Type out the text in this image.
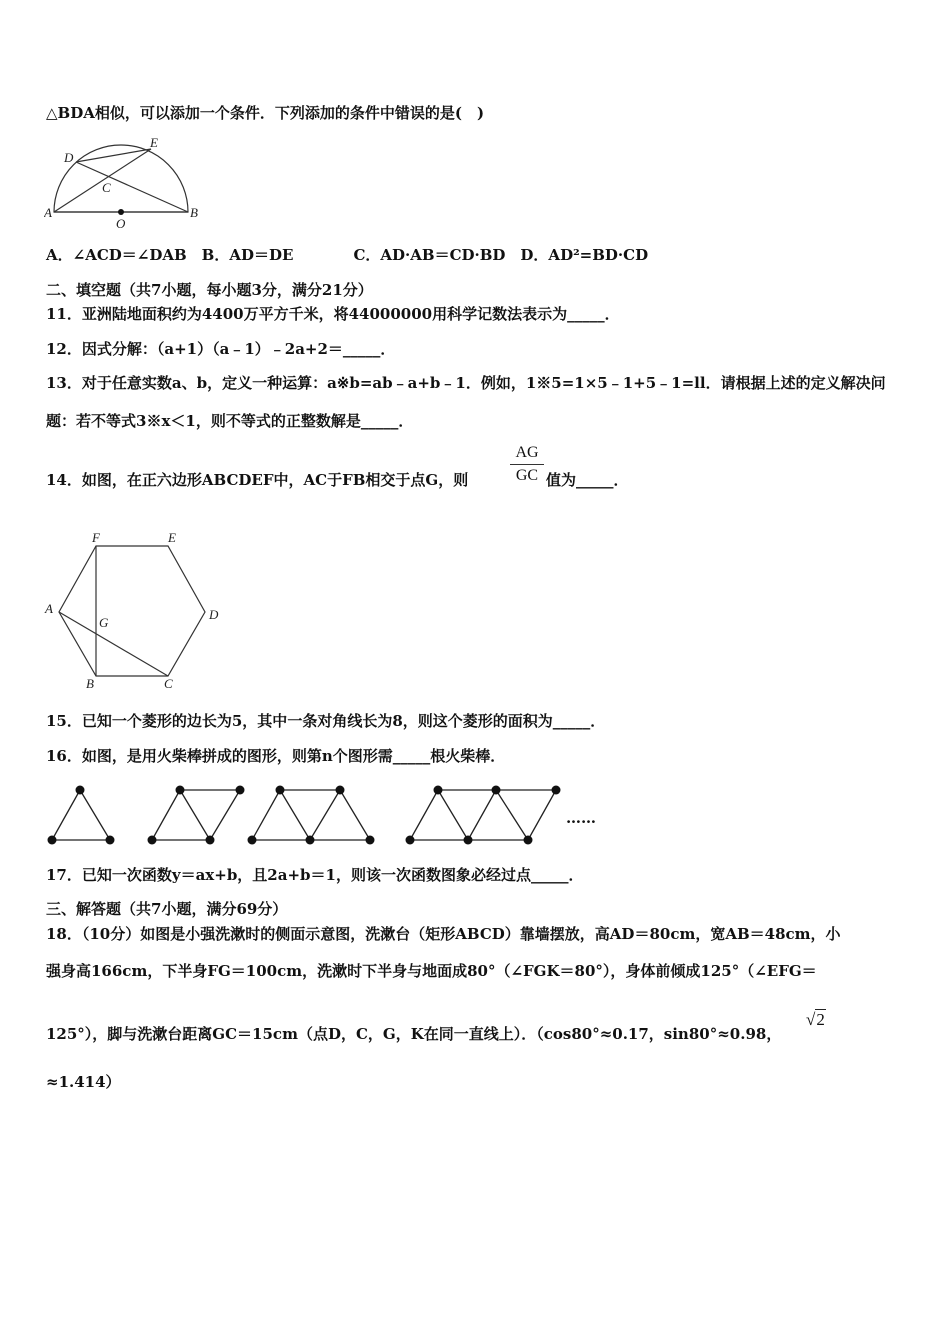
△BDA相似，可以添加一个条件．下列添加的条件中错误的是(　)
D
E
C
A
O
B
A．∠ACD＝∠DAB　B．AD＝DE　　　　C．AD·AB＝CD·BD　D．AD²=BD·CD
二、填空题（共7小题，每小题3分，满分21分）
11．亚洲陆地面积约为4400万平方千米，将44000000用科学记数法表示为_____．
12．因式分解：（a+1）（a﹣1）﹣2a+2＝_____．
13．对于任意实数a、b，定义一种运算：a※b=ab﹣a+b﹣1．例如，1※5=1×5﹣1+5﹣1=ll．请根据上述的定义解决问
题：若不等式3※x＜1，则不等式的正整数解是_____．
14．如图，在正六边形ABCDEF中，AC于FB相交于点G，则	$\frac{AG}{GC}$ 值为_____．
F	E
A
G
D
B	C
15．已知一个菱形的边长为5，其中一条对角线长为8，则这个菱形的面积为_____．
16．如图，是用火柴棒拼成的图形，则第n个图形需_____根火柴棒．
……
17．已知一次函数y＝ax+b，且2a+b＝1，则该一次函数图象必经过点_____．
三、解答题（共7小题，满分69分）
18．（10分）如图是小强洗漱时的侧面示意图，洗漱台（矩形ABCD）靠墙摆放，高AD＝80cm，宽AB＝48cm，小
强身高166cm，下半身FG＝100cm，洗漱时下半身与地面成80°（∠FGK＝80°），身体前倾成125°（∠EFG＝
125°），脚与洗漱台距离GC＝15cm（点D，C，G，K在同一直线上）．（cos80°≈0.17，sin80°≈0.98，
√2
≈1.414）
